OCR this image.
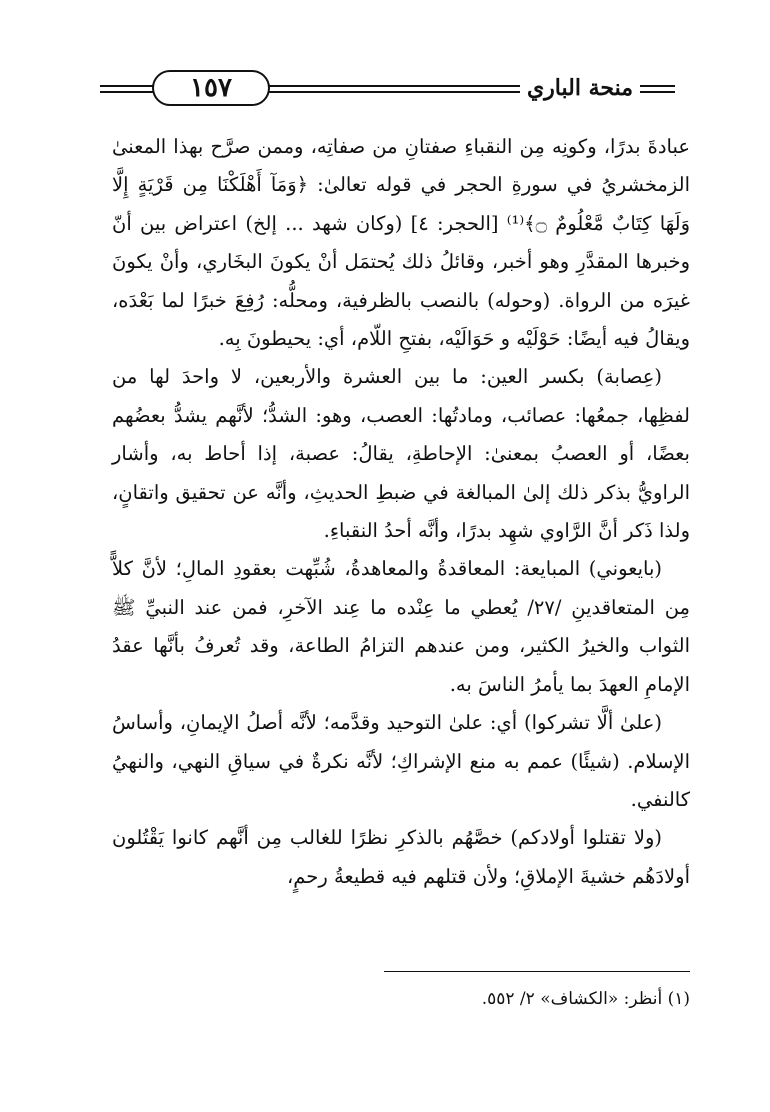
١٥٧	منحة الباري

عبادةَ بدرًا، وكونِه مِن النقباءِ صفتانِ من صفاتِه، وممن صرَّح بهذا المعنىٰ الزمخشريُ في سورةِ الحجر في قوله تعالىٰ: ﴿وَمَآ أَهْلَكْنَا مِن قَرْيَةٍ إِلَّا وَلَهَا كِتَابٌ مَّعْلُومٌ ۝﴾⁽¹⁾ [الحجر: ٤] (وكان شهد ... إلخ) اعتراض بين أنّ وخبرها المقدَّرِ وهو أخبر، وقائلُ ذلك يُحتمَل أنْ يكونَ البخَاري، وأنْ يكونَ غيرَه من الرواة. (وحوله) بالنصب بالظرفية، ومحلُّه: رُفِعَ خبرًا لما بَعْدَه، ويقالُ فيه أيضًا: حَوْلَيْه و حَوَالَيْه، بفتحِ اللّام، أي: يحيطونَ بِه.

(عِصابة) بكسر العين: ما بين العشرة والأربعين، لا واحدَ لها من لفظِها، جمعُها: عصائب، ومادتُها: العصب، وهو: الشدُّ؛ لأنَّهم يشدُّ بعضُهم بعضًا، أو العصبُ بمعنىٰ: الإحاطةِ، يقالُ: عصبة، إذا أحاط به، وأشار الراويُّ بذكر ذلك إلىٰ المبالغة في ضبطِ الحديثِ، وأنَّه عن تحقيق واتقانٍ، ولذا ذَكر أنَّ الرَّاوي شهِد بدرًا، وأنَّه أحدُ النقباءِ.

(بايعوني) المبايعة: المعاقدةُ والمعاهدةُ، شُبِّهت بعقودِ المالِ؛ لأنَّ كلاًّ مِن المتعاقدينِ /٢٧/ يُعطي ما عِنْده ما عِند الآخرِ، فمن عند النبيِّ ﷺ الثواب والخيرُ الكثير، ومن عندهم التزامُ الطاعة، وقد تُعرفُ بأنَّها عقدُ الإمامِ العهدَ بما يأمرُ الناسَ به.

(علىٰ ألَّا تشركوا) أي: علىٰ التوحيد وقدَّمه؛ لأنَّه أصلُ الإيمانِ، وأساسُ الإسلام. (شيئًا) عمم به منع الإشراكِ؛ لأنَّه نكرةٌ في سياقِ النهي، والنهيُ كالنفي.

(ولا تقتلوا أولادكم) خصَّهُم بالذكرِ نظرًا للغالب مِن أنَّهم كانوا يَقْتُلون أولادَهُم خشيةَ الإملاقِ؛ ولأن قتلهم فيه قطيعةُ رحمٍ،

(١) أنظر: «الكشاف» ٢/ ٥٥٢.
